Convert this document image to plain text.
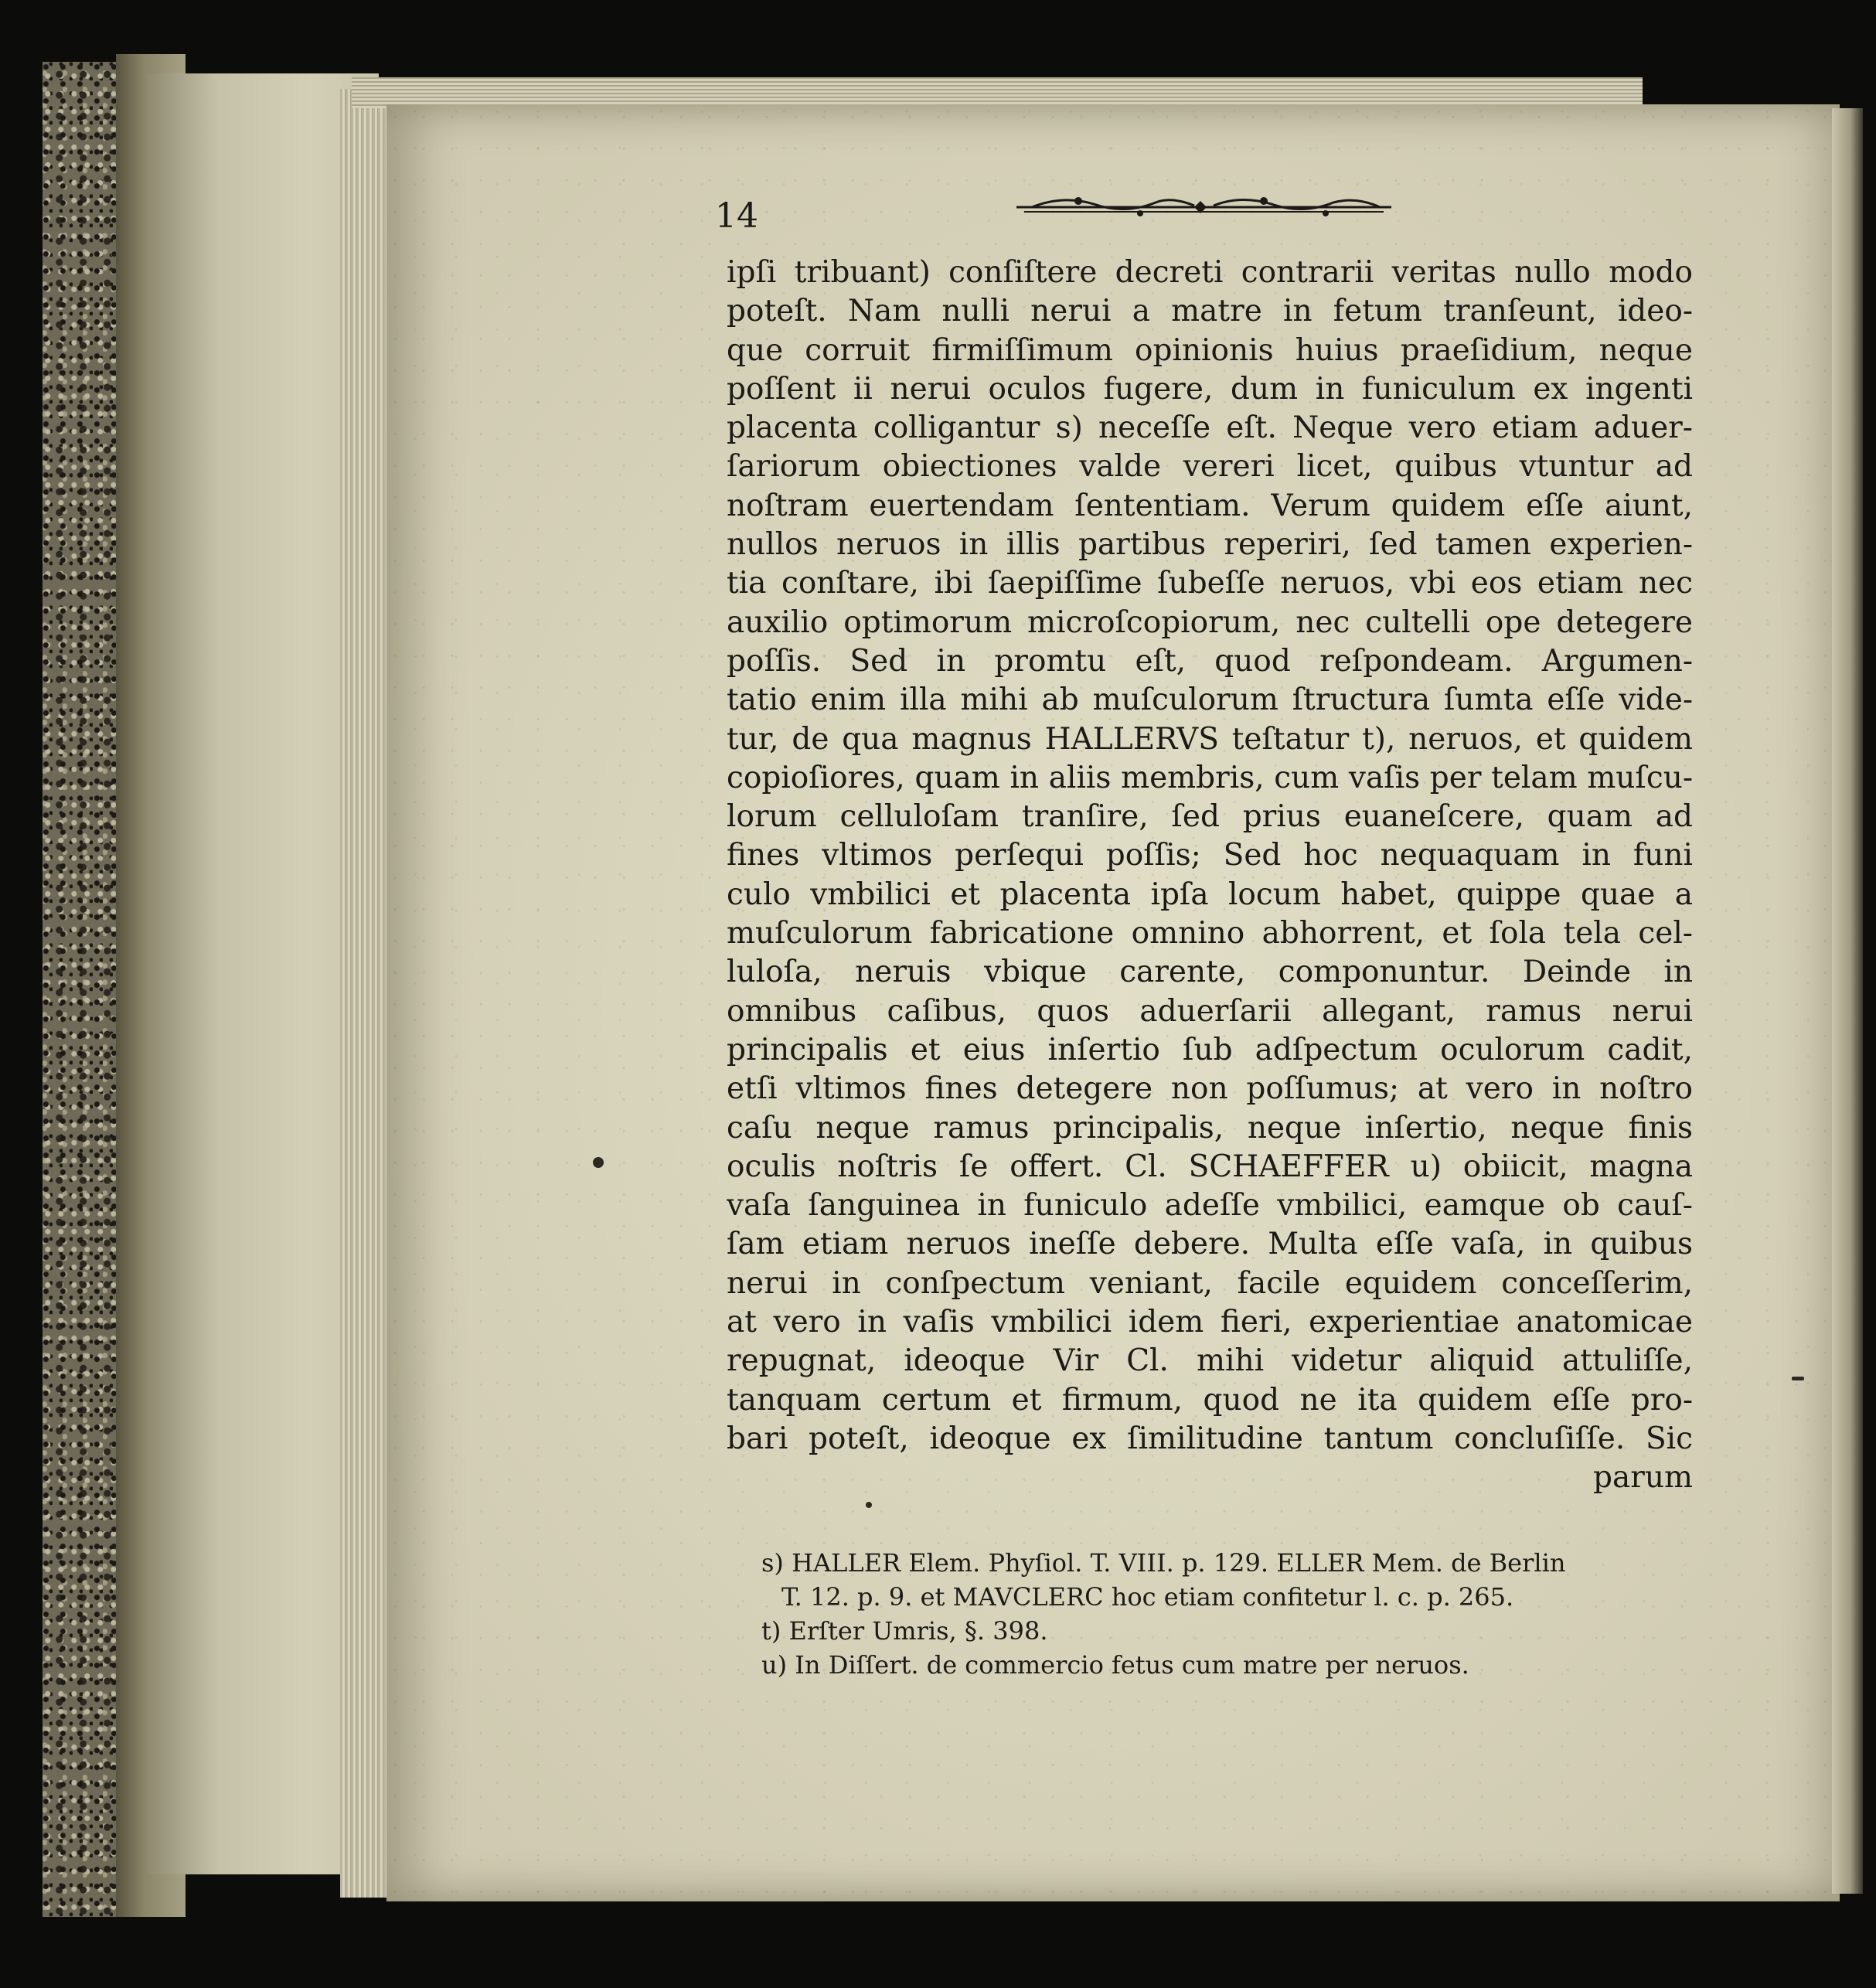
14
ipſi tribuant) conſiſtere decreti contrarii veritas nullo modo
poteſt. Nam nulli nerui a matre in fetum tranſeunt, ideo-
que corruit firmiſſimum opinionis huius praeſidium, neque
poſſent ii nerui oculos fugere, dum in funiculum ex ingenti
placenta colligantur s) neceſſe eſt. Neque vero etiam aduer-
ſariorum obiectiones valde vereri licet, quibus vtuntur ad
noſtram euertendam ſententiam. Verum quidem eſſe aiunt,
nullos neruos in illis partibus reperiri, ſed tamen experien-
tia conſtare, ibi ſaepiſſime ſubeſſe neruos, vbi eos etiam nec
auxilio optimorum microſcopiorum, nec cultelli ope detegere
poſſis. Sed in promtu eſt, quod reſpondeam. Argumen-
tatio enim illa mihi ab muſculorum ſtructura ſumta eſſe vide-
tur, de qua magnus HALLERVS teſtatur t), neruos, et quidem
copioſiores, quam in aliis membris, cum vaſis per telam muſcu-
lorum celluloſam tranſire, ſed prius euaneſcere, quam ad
fines vltimos perſequi poſſis; Sed hoc nequaquam in funi
culo vmbilici et placenta ipſa locum habet, quippe quae a
muſculorum fabricatione omnino abhorrent, et ſola tela cel-
luloſa, neruis vbique carente, componuntur. Deinde in
omnibus caſibus, quos aduerſarii allegant, ramus nerui
principalis et eius inſertio ſub adſpectum oculorum cadit,
etſi vltimos fines detegere non poſſumus; at vero in noſtro
caſu neque ramus principalis, neque inſertio, neque finis
oculis noſtris ſe offert. Cl. SCHAEFFER u) obiicit, magna
vaſa ſanguinea in funiculo adeſſe vmbilici, eamque ob cauſ-
ſam etiam neruos ineſſe debere. Multa eſſe vaſa, in quibus
nerui in conſpectum veniant, facile equidem conceſſerim,
at vero in vaſis vmbilici idem fieri, experientiae anatomicae
repugnat, ideoque Vir Cl. mihi videtur aliquid attuliſſe,
tanquam certum et firmum, quod ne ita quidem eſſe pro-
bari poteſt, ideoque ex ſimilitudine tantum concluſiſſe. Sic
parum
s) HALLER Elem. Phyſiol. T. VIII. p. 129. ELLER Mem. de Berlin
T. 12. p. 9. et MAVCLERC hoc etiam confitetur l. c. p. 265.
t) Erſter Umris, §. 398.
u) In Diſſert. de commercio fetus cum matre per neruos.
